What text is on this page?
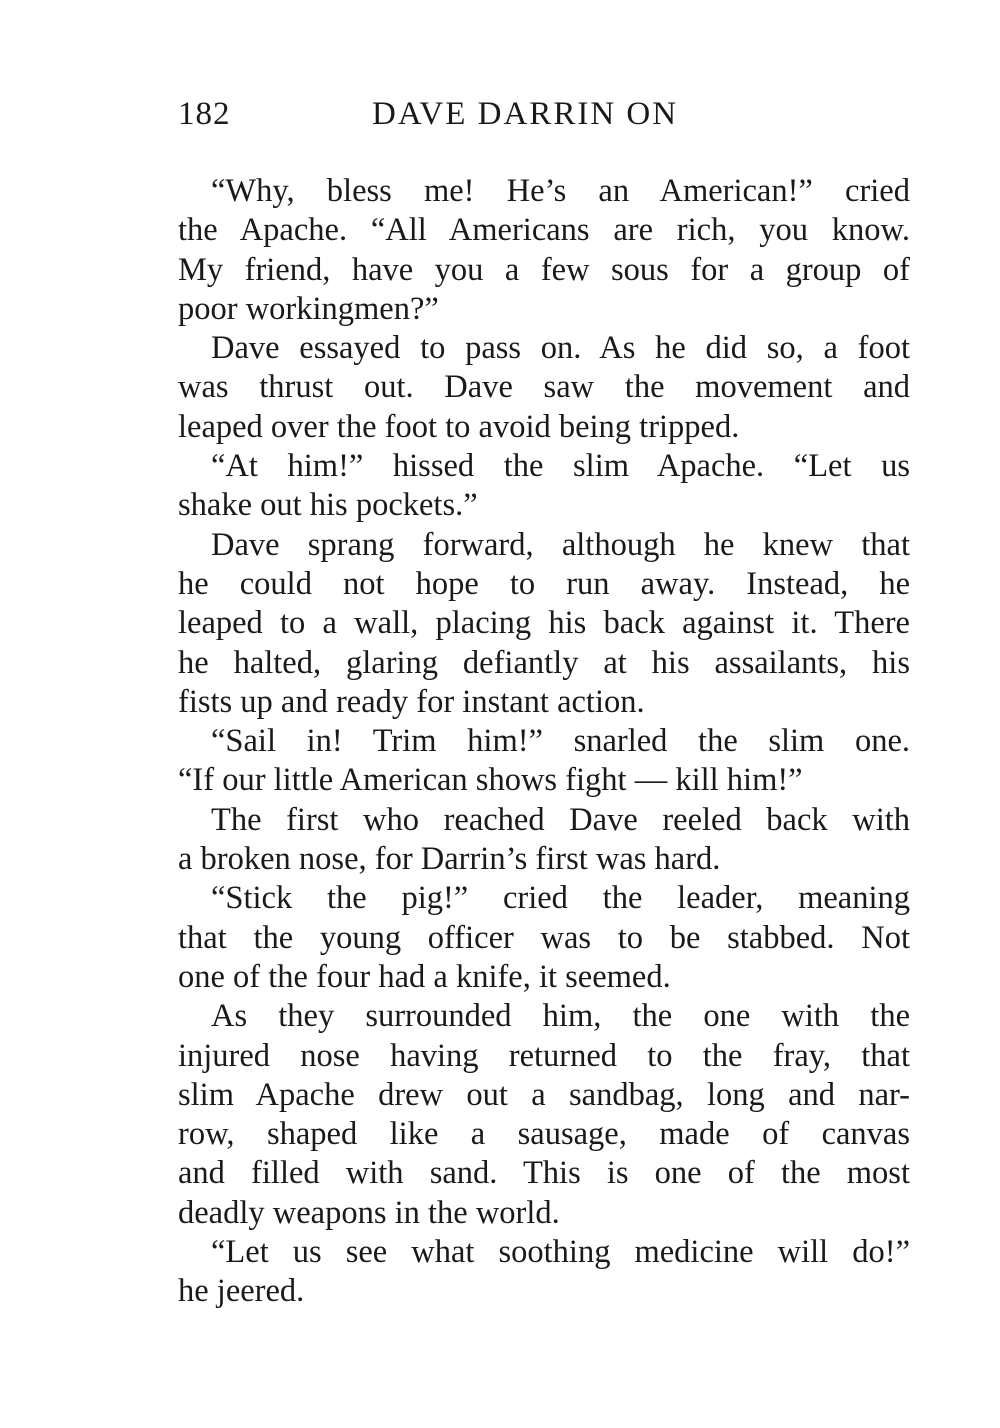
182	DAVE DARRIN ON
“Why, bless me! He’s an American!” cried
the Apache. “All Americans are rich, you know.
My friend, have you a few sous for a group of
poor workingmen?”
Dave essayed to pass on. As he did so, a foot
was thrust out. Dave saw the movement and
leaped over the foot to avoid being tripped.
“At him!” hissed the slim Apache. “Let us
shake out his pockets.”
Dave sprang forward, although he knew that
he could not hope to run away. Instead, he
leaped to a wall, placing his back against it. There
he halted, glaring defiantly at his assailants, his
fists up and ready for instant action.
“Sail in! Trim him!” snarled the slim one.
“If our little American shows fight — kill him!”
The first who reached Dave reeled back with
a broken nose, for Darrin’s first was hard.
“Stick the pig!” cried the leader, meaning
that the young officer was to be stabbed. Not
one of the four had a knife, it seemed.
As they surrounded him, the one with the
injured nose having returned to the fray, that
slim Apache drew out a sandbag, long and nar-
row, shaped like a sausage, made of canvas
and filled with sand. This is one of the most
deadly weapons in the world.
“Let us see what soothing medicine will do!”
he jeered.
